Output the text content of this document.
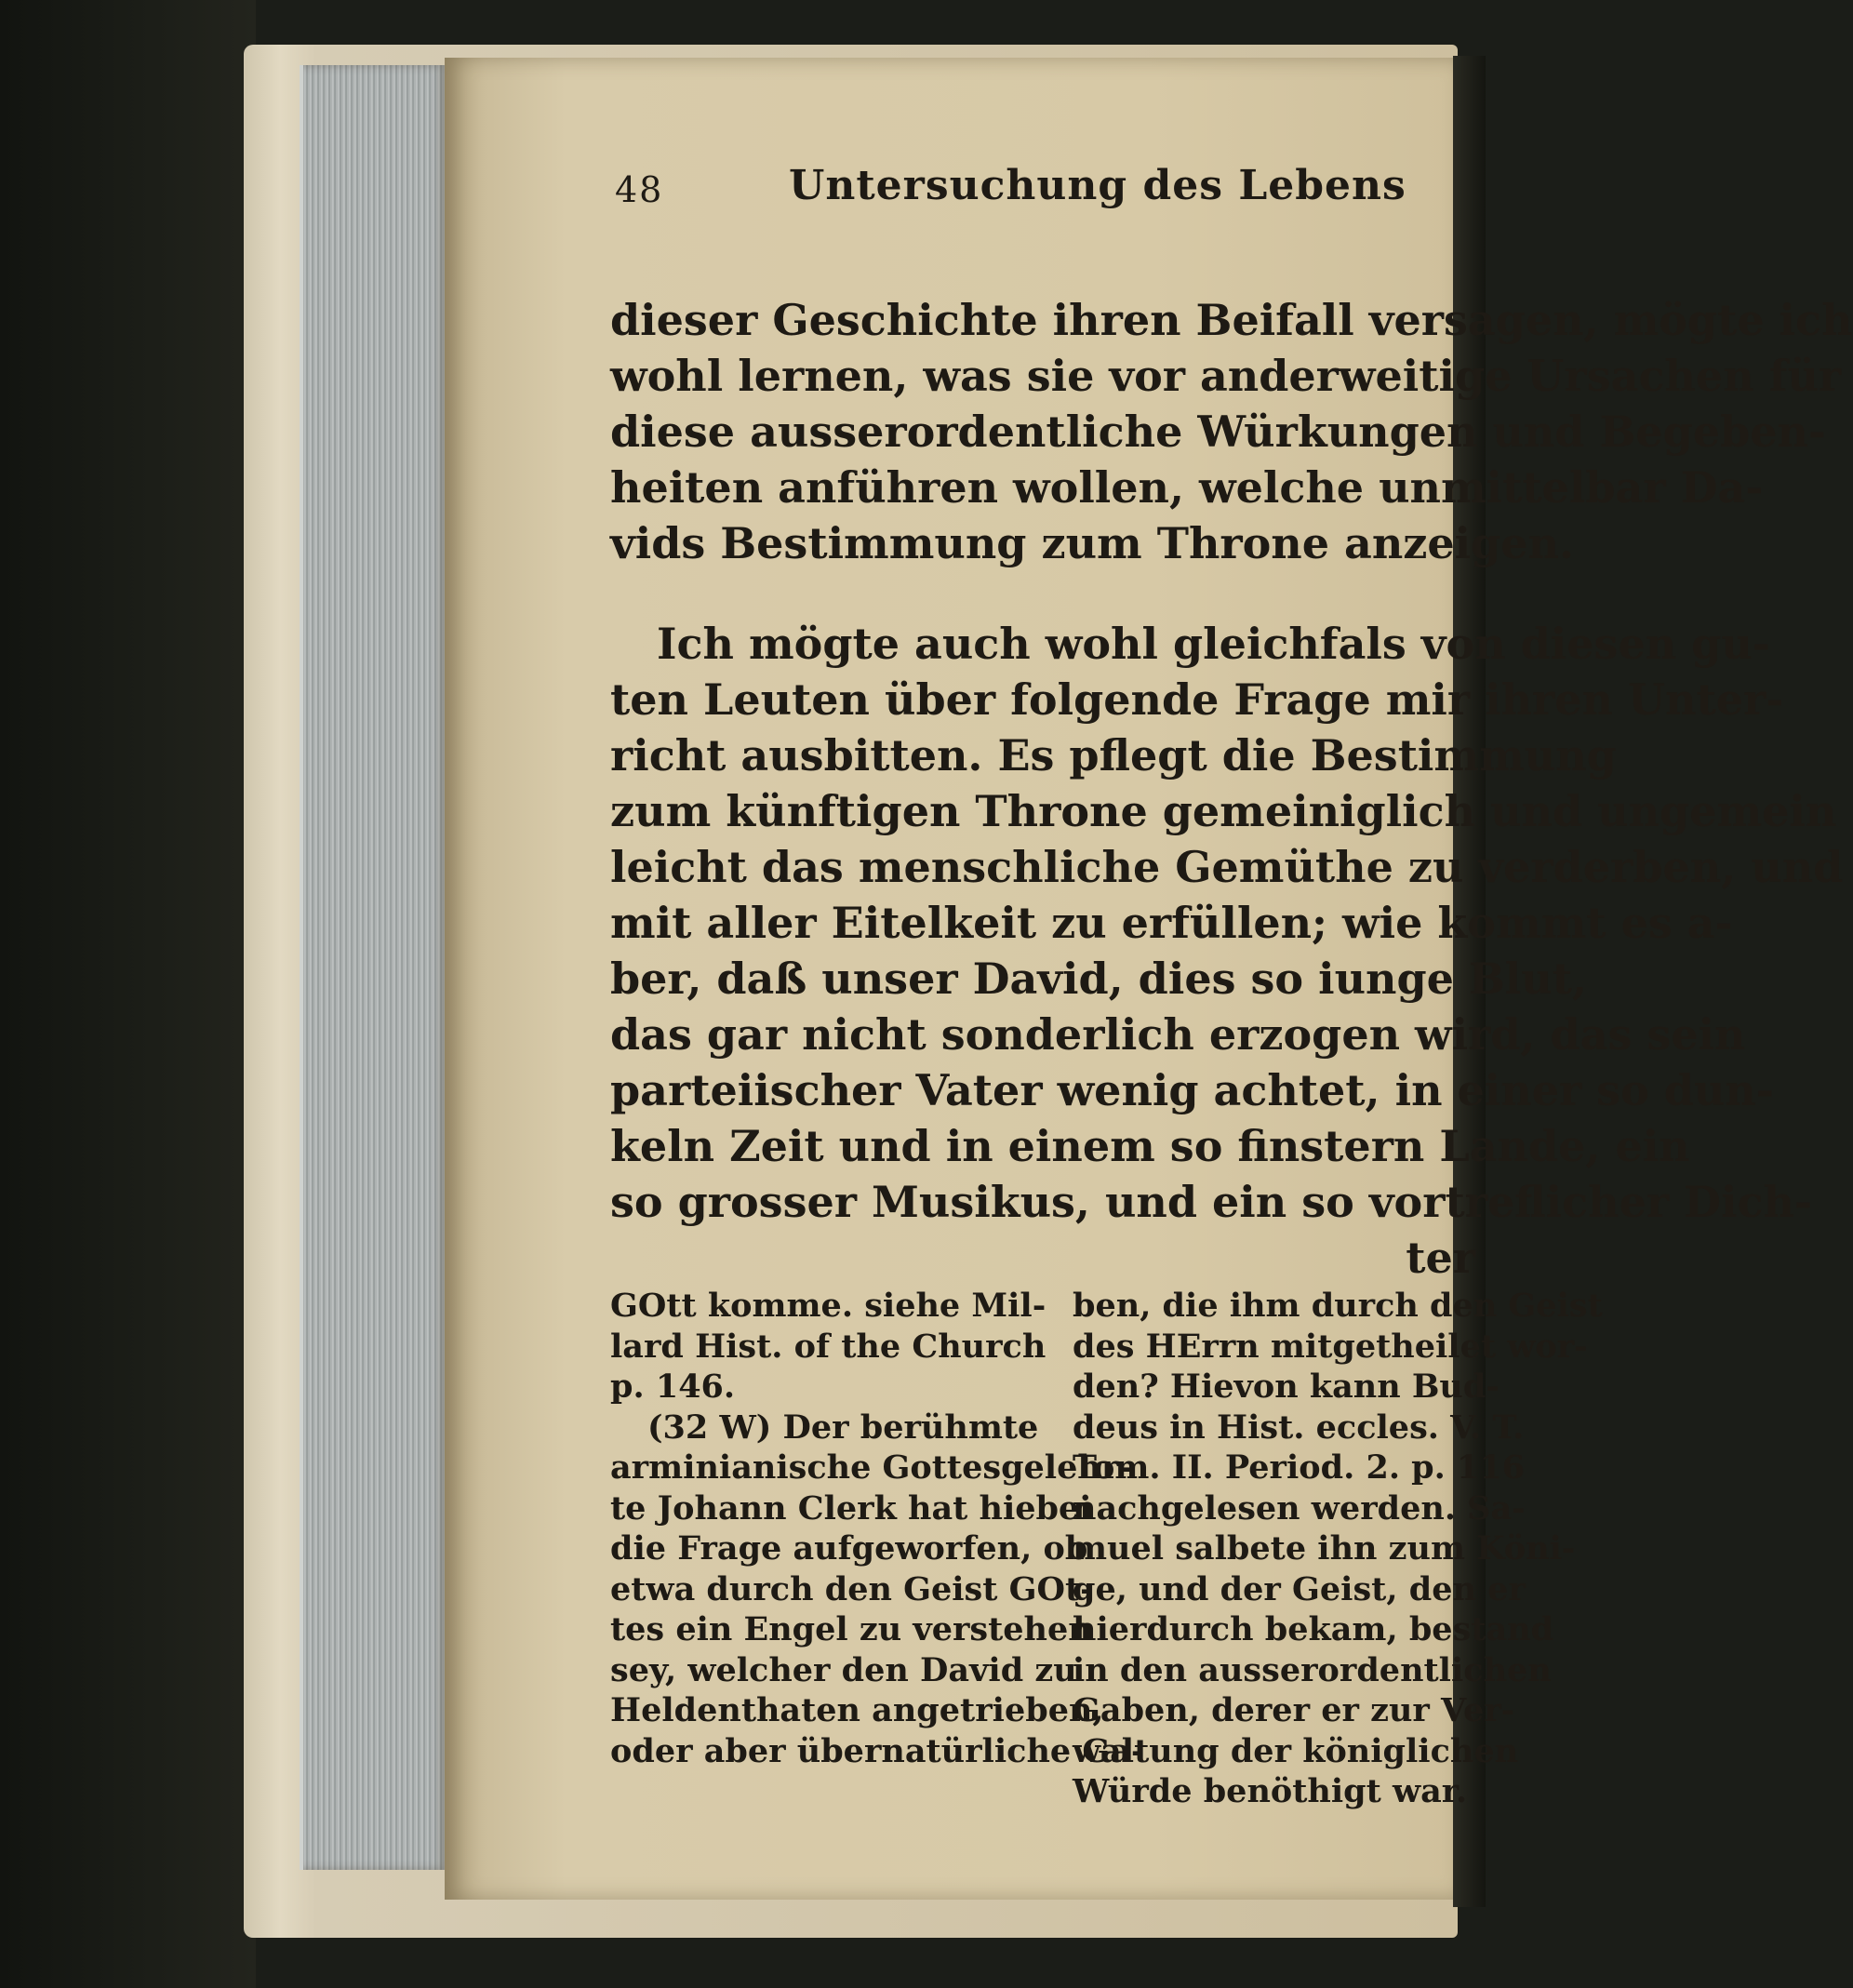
48	Untersuchung des Lebens
dieser Geschichte ihren Beifall versagen, mögte ich
wohl lernen, was sie vor anderweitige Ursachen für
diese ausserordentliche Würkungen und Begeben-
heiten anführen wollen, welche unmittelbar Da-
vids Bestimmung zum Throne anzeigen.
Ich mögte auch wohl gleichfals von diesen gu-
ten Leuten über folgende Frage mir ihren Unter-
richt ausbitten. Es pflegt die Bestimmung
zum künftigen Throne gemeiniglich und ungemein
leicht das menschliche Gemüthe zu verderben, und
mit aller Eitelkeit zu erfüllen; wie kommt es a-
ber, daß unser David, dies so iunge Blut,
das gar nicht sonderlich erzogen wird, das sein
parteiischer Vater wenig achtet, in einer so dun-
keln Zeit und in einem so finstern Lande, ein
so grosser Musikus, und ein so vortreflicher Dich-
ter
GOtt komme. siehe Mil-
lard Hist. of the Church
p. 146.
(32 W) Der berühmte
arminianische Gottesgelehr-
te Johann Clerk hat hiebei
die Frage aufgeworfen, ob
etwa durch den Geist GOt-
tes ein Engel zu verstehen
sey, welcher den David zu
Heldenthaten angetrieben,
oder aber übernatürliche Ga-
ben, die ihm durch den Geist
des HErrn mitgetheilet wor-
den? Hievon kann Bud-
deus in Hist. eccles. V. T.
Tom. II. Period. 2. p. 116
nachgelesen werden. Sa-
muel salbete ihn zum Köni-
ge, und der Geist, den er
hierdurch bekam, bestand
in den ausserordentlichen
Gaben, derer er zur Ver-
waltung der königlichen
Würde benöthigt war.
